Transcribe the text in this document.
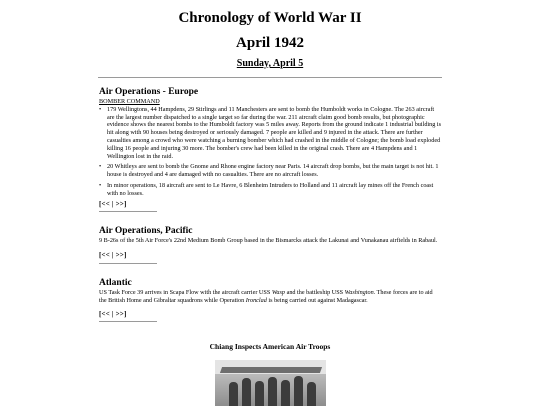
Chronology of World War II
April 1942
Sunday, April 5
Air Operations - Europe
BOMBER COMMAND
• 179 Wellingtons, 44 Hampdens, 29 Stirlings and 11 Manchesters are sent to bomb the Humboldt works in Cologne. The 263 aircraft are the largest number dispatched to a single target so far during the war. 211 aircraft claim good bomb results, but photographic evidence shows the nearest bombs to the Humboldt factory was 5 miles away. Reports from the ground indicate 1 industrial building is hit along with 90 houses being destroyed or seriously damaged. 7 people are killed and 9 injured in the attack. There are further casualties among a crowd who were watching a burning bomber which had crashed in the middle of Cologne; the bomb load exploded killing 16 people and injuring 30 more. The bomber's crew had been killed in the original crash. There are 4 Hampdens and 1 Wellington lost in the raid.
• 20 Whitleys are sent to bomb the Gnome and Rhone engine factory near Paris. 14 aircraft drop bombs, but the main target is not hit. 1 house is destroyed and 4 are damaged with no casualties. There are no aircraft losses.
• In minor operations, 18 aircraft are sent to Le Havre, 6 Blenheim Intruders to Holland and 11 aircraft lay mines off the French coast with no losses.
[<< | >>]
Air Operations, Pacific

9 B-26s of the 5th Air Force's 22nd Medium Bomb Group based in the Bismarcks attack the Lakunai and Vunakanau airfields in Rabaul.

[<< | >>]
Atlantic

US Task Force 39 arrives in Scapa Flow with the aircraft carrier USS Wasp and the battleship USS Washington. These forces are to aid the British Home and Gibraltar squadrons while Operation Ironclad is being carried out against Madagascar.

[<< | >>]
Chiang Inspects American Air Troops
